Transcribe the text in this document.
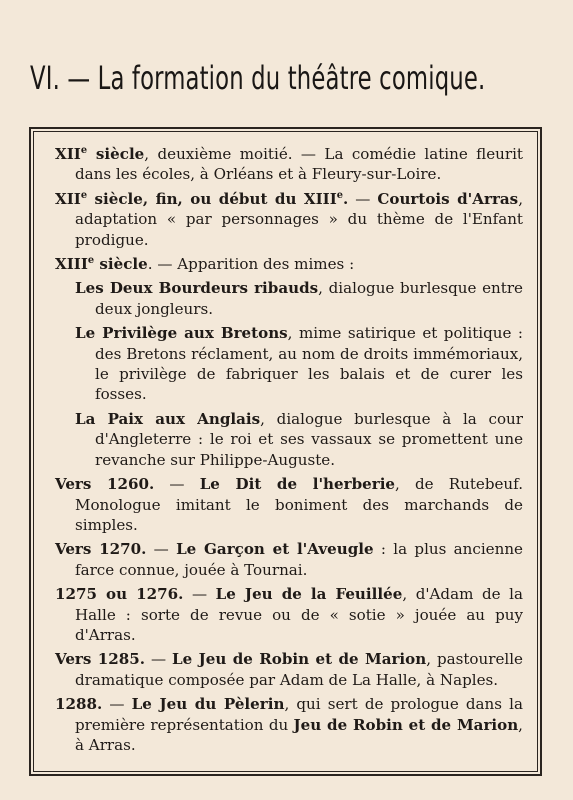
VI. — La formation du théâtre comique.

XIIe siècle, deuxième moitié. — La comédie latine fleurit dans les écoles, à Orléans et à Fleury-sur-Loire.

XIIe siècle, fin, ou début du XIIIe. — Courtois d'Arras, adaptation « par personnages » du thème de l'Enfant prodigue.

XIIIe siècle. — Apparition des mimes :

Les Deux Bourdeurs ribauds, dialogue burlesque entre deux jongleurs.

Le Privilège aux Bretons, mime satirique et politique : des Bretons réclament, au nom de droits immémoriaux, le privilège de fabriquer les balais et de curer les fosses.

La Paix aux Anglais, dialogue burlesque à la cour d'Angleterre : le roi et ses vassaux se promettent une revanche sur Philippe-Auguste.

Vers 1260. — Le Dit de l'herberie, de Rutebeuf. Monologue imitant le boniment des marchands de simples.

Vers 1270. — Le Garçon et l'Aveugle : la plus ancienne farce connue, jouée à Tournai.

1275 ou 1276. — Le Jeu de la Feuillée, d'Adam de la Halle : sorte de revue ou de « sotie » jouée au puy d'Arras.

Vers 1285. — Le Jeu de Robin et de Marion, pastourelle dramatique composée par Adam de La Halle, à Naples.

1288. — Le Jeu du Pèlerin, qui sert de prologue dans la première représentation du Jeu de Robin et de Marion, à Arras.
